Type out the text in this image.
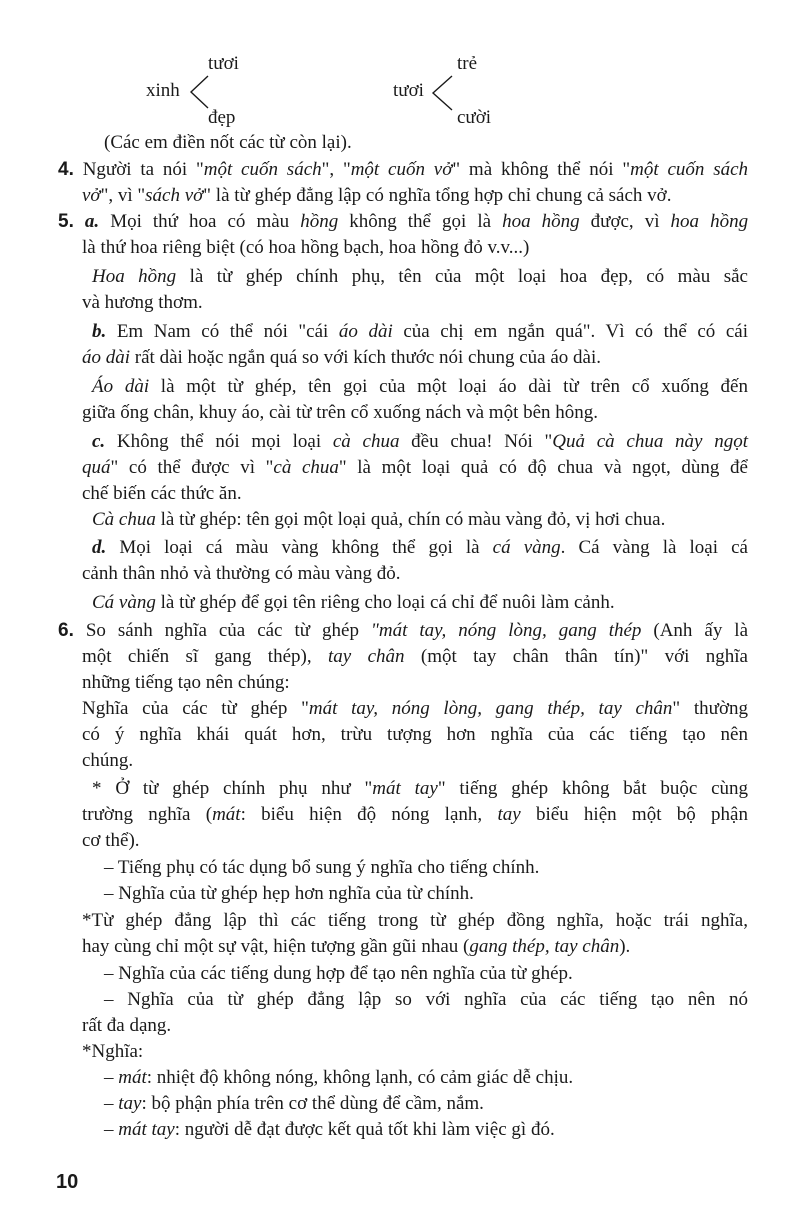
tươi
xinh
đẹp
trẻ
tươi
cười
(Các em điền nốt các từ còn lại).
4. Người ta nói "một cuốn sách", "một cuốn vở" mà không thể nói "một cuốn sách
vở", vì "sách vở" là từ ghép đẳng lập có nghĩa tổng hợp chỉ chung cả sách vở.
5. a. Mọi thứ hoa có màu hồng không thể gọi là hoa hồng được, vì hoa hồng
là thứ hoa riêng biệt (có hoa hồng bạch, hoa hồng đỏ v.v...)
Hoa hồng là từ ghép chính phụ, tên của một loại hoa đẹp, có màu sắc
và hương thơm.
b. Em Nam có thể nói "cái áo dài của chị em ngắn quá". Vì có thể có cái
áo dài rất dài hoặc ngắn quá so với kích thước nói chung của áo dài.
Áo dài là một từ ghép, tên gọi của một loại áo dài từ trên cổ xuống đến
giữa ống chân, khuy áo, cài từ trên cổ xuống nách và một bên hông.
c. Không thể nói mọi loại cà chua đều chua! Nói "Quả cà chua này ngọt
quá" có thể được vì "cà chua" là một loại quả có độ chua và ngọt, dùng để
chế biến các thức ăn.
Cà chua là từ ghép: tên gọi một loại quả, chín có màu vàng đỏ, vị hơi chua.
d. Mọi loại cá màu vàng không thể gọi là cá vàng. Cá vàng là loại cá
cảnh thân nhỏ và thường có màu vàng đỏ.
Cá vàng là từ ghép để gọi tên riêng cho loại cá chỉ để nuôi làm cảnh.
6. So sánh nghĩa của các từ ghép "mát tay, nóng lòng, gang thép (Anh ấy là
một chiến sĩ gang thép), tay chân (một tay chân thân tín)" với nghĩa
những tiếng tạo nên chúng:
Nghĩa của các từ ghép "mát tay, nóng lòng, gang thép, tay chân" thường
có ý nghĩa khái quát hơn, trừu tượng hơn nghĩa của các tiếng tạo nên
chúng.
* Ở từ ghép chính phụ như "mát tay" tiếng ghép không bắt buộc cùng
trường nghĩa (mát: biểu hiện độ nóng lạnh, tay biểu hiện một bộ phận
cơ thể).
– Tiếng phụ có tác dụng bổ sung ý nghĩa cho tiếng chính.
– Nghĩa của từ ghép hẹp hơn nghĩa của từ chính.
*Từ ghép đẳng lập thì các tiếng trong từ ghép đồng nghĩa, hoặc trái nghĩa,
hay cùng chỉ một sự vật, hiện tượng gần gũi nhau (gang thép, tay chân).
– Nghĩa của các tiếng dung hợp để tạo nên nghĩa của từ ghép.
– Nghĩa của từ ghép đẳng lập so với nghĩa của các tiếng tạo nên nó
rất đa dạng.
*Nghĩa:
– mát: nhiệt độ không nóng, không lạnh, có cảm giác dễ chịu.
– tay: bộ phận phía trên cơ thể dùng để cầm, nắm.
– mát tay: người dễ đạt được kết quả tốt khi làm việc gì đó.
10
